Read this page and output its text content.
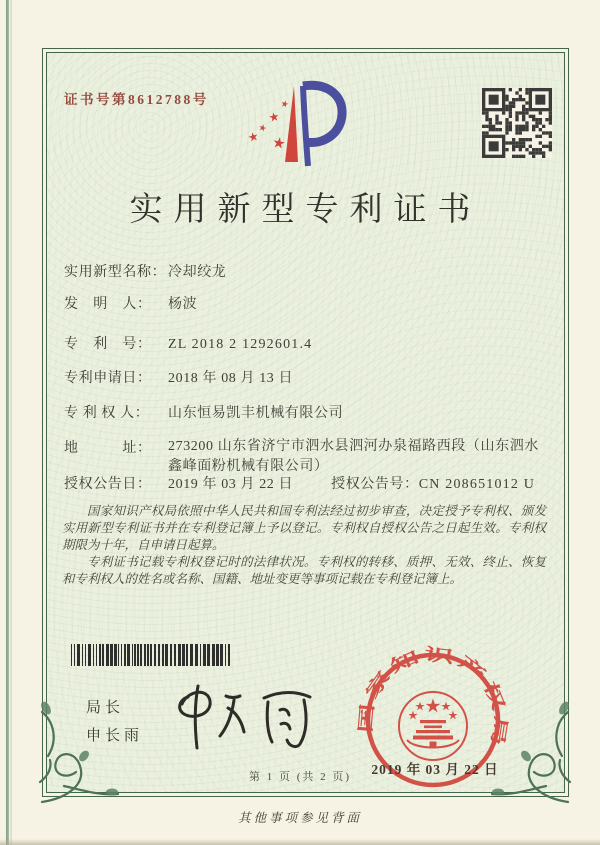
证书号第8612788号	★
★
★
★ ★
实用新型专利证书
实用新型名称： 冷却绞龙
发　明　人： 杨波
专　利　号： ZL 2018 2 1292601.4
专利申请日： 2018 年 08 月 13 日
专 利 权 人： 山东恒易凯丰机械有限公司
地　　　址： 273200 山东省济宁市泗水县泗河办泉福路西段（山东泗水鑫峰面粉机械有限公司）
授权公告日： 2019 年 03 月 22 日	授权公告号：CN 208651012 U

国家知识产权局依照中华人民共和国专利法经过初步审查，决定授予专利权、颁发实用新型专利证书并在专利登记簿上予以登记。专利权自授权公告之日起生效。专利权期限为十年，自申请日起算。

专利证书记载专利权登记时的法律状况。专利权的转移、质押、无效、终止、恢复和专利权人的姓名或名称、国籍、地址变更等事项记载在专利登记簿上。

局长
申长雨
国家知识产权局
★
★ ★
★	★
2019 年 03 月 22 日
第 1 页 (共 2 页)
其他事项参见背面
